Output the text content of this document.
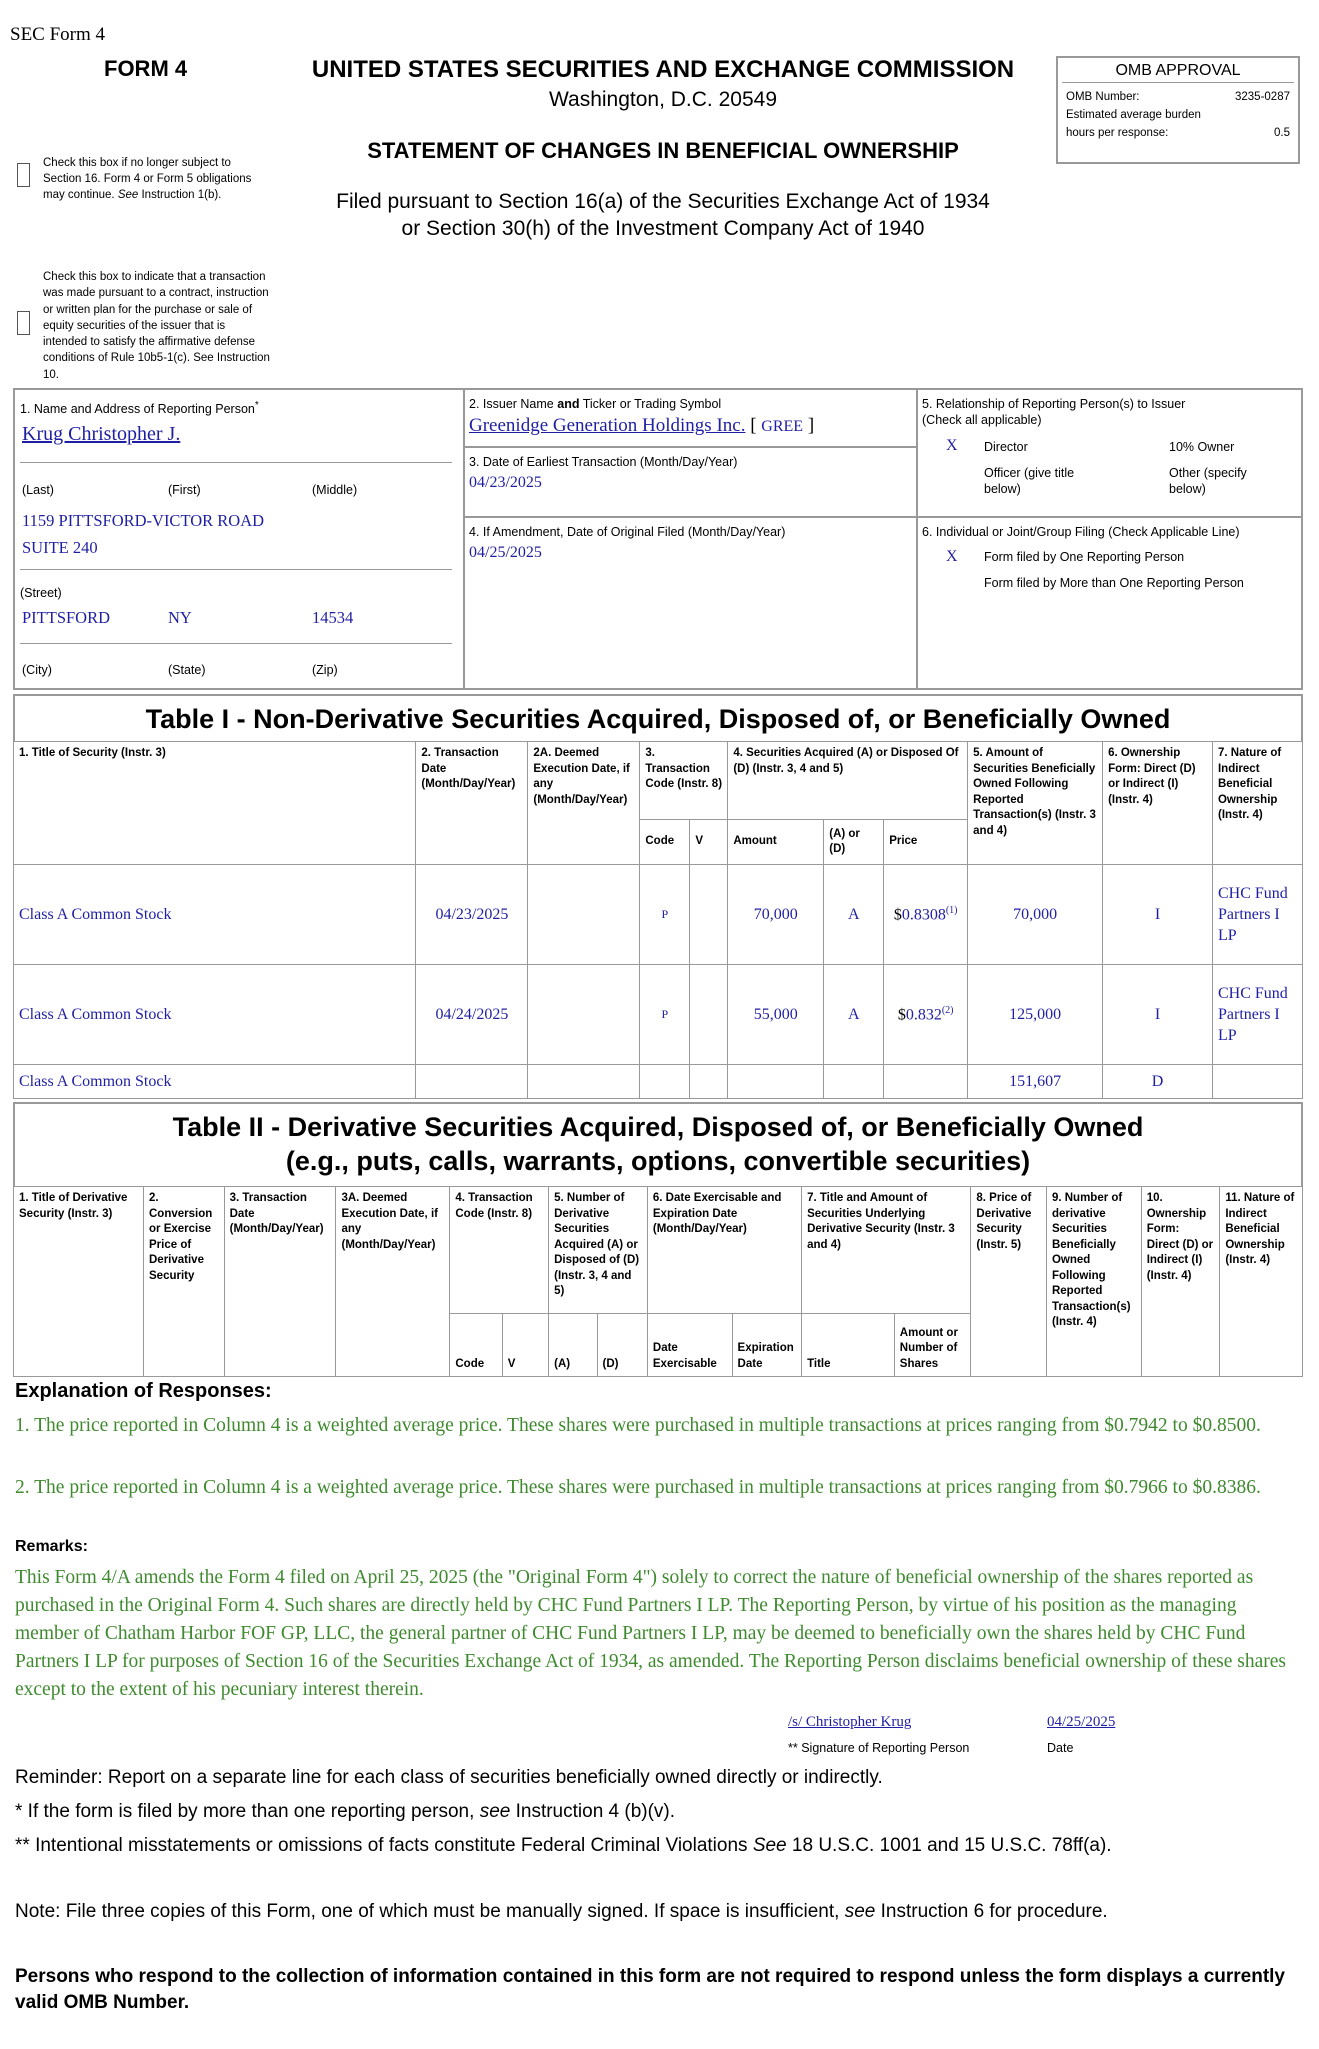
SEC Form 4
FORM 4	UNITED STATES SECURITIES AND EXCHANGE COMMISSION
Washington, D.C. 20549
STATEMENT OF CHANGES IN BENEFICIAL OWNERSHIP
Filed pursuant to Section 16(a) of the Securities Exchange Act of 1934
or Section 30(h) of the Investment Company Act of 1940
OMB APPROVAL
OMB Number:	3235-0287
Estimated average burden
hours per response:	0.5
Check this box if no longer subject to
Section 16. Form 4 or Form 5 obligations
may continue. See Instruction 1(b).
Check this box to indicate that a transaction
was made pursuant to a contract, instruction
or written plan for the purchase or sale of
equity securities of the issuer that is
intended to satisfy the affirmative defense
conditions of Rule 10b5-1(c). See Instruction
10.
1. Name and Address of Reporting Person*
Krug Christopher J.
(Last)	(First)	(Middle)
1159 PITTSFORD-VICTOR ROAD
SUITE 240
(Street)
PITTSFORD	NY	14534
(City)	(State)	(Zip)
2. Issuer Name and Ticker or Trading Symbol
Greenidge Generation Holdings Inc. [ GREE ]
3. Date of Earliest Transaction (Month/Day/Year)
04/23/2025
4. If Amendment, Date of Original Filed (Month/Day/Year)
04/25/2025
5. Relationship of Reporting Person(s) to Issuer
(Check all applicable)
X Director	10% Owner
Officer (give title
below)
Other (specify
below)
6. Individual or Joint/Group Filing (Check Applicable Line)
X Form filed by One Reporting Person
Form filed by More than One Reporting Person
Table I - Non-Derivative Securities Acquired, Disposed of, or Beneficially Owned
1. Title of Security (Instr. 3)	2. Transaction Date (Month/Day/Year)	2A. Deemed Execution Date, if any (Month/Day/Year)	3. Transaction Code (Instr. 8)		4. Securities Acquired (A) or Disposed Of (D) (Instr. 3, 4 and 5)			5. Amount of Securities Beneficially Owned Following Reported Transaction(s) (Instr. 3 and 4)	6. Ownership Form: Direct (D) or Indirect (I) (Instr. 4)	7. Nature of Indirect Beneficial Ownership (Instr. 4)
			Code	V	Amount	(A) or (D)	Price			
Class A Common Stock	04/23/2025		P		70,000	A	$0.8308$^{(1)}$	70,000	I	CHC Fund Partners I LP
Class A Common Stock	04/24/2025		P		55,000	A	$0.832$^{(2)}$	125,000	I	CHC Fund Partners I LP
Class A Common Stock								151,607	D	
Table II - Derivative Securities Acquired, Disposed of, or Beneficially Owned
(e.g., puts, calls, warrants, options, convertible securities)
1. Title of Derivative Security (Instr. 3)	2. Conversion or Exercise Price of Derivative Security	3. Transaction Date (Month/Day/Year)	3A. Deemed Execution Date, if any (Month/Day/Year)	4. Transaction Code (Instr. 8)		5. Number of Derivative Securities Acquired (A) or Disposed of (D) (Instr. 3, 4 and 5)		6. Date Exercisable and Expiration Date (Month/Day/Year)		7. Title and Amount of Securities Underlying Derivative Security (Instr. 3 and 4)		8. Price of Derivative Security (Instr. 5)	9. Number of derivative Securities Beneficially Owned Following Reported Transaction(s) (Instr. 4)	10. Ownership Form: Direct (D) or Indirect (I) (Instr. 4)	11. Nature of Indirect Beneficial Ownership (Instr. 4)
				Code	V	(A)	(D)	Date Exercisable	Expiration Date	Title	Amount or Number of Shares				
Explanation of Responses:
1. The price reported in Column 4 is a weighted average price. These shares were purchased in multiple transactions at prices ranging from $0.7942 to $0.8500.
2. The price reported in Column 4 is a weighted average price. These shares were purchased in multiple transactions at prices ranging from $0.7966 to $0.8386.
Remarks:
This Form 4/A amends the Form 4 filed on April 25, 2025 (the "Original Form 4") solely to correct the nature of beneficial ownership of the shares reported as purchased in the Original Form 4. Such shares are directly held by CHC Fund Partners I LP. The Reporting Person, by virtue of his position as the managing member of Chatham Harbor FOF GP, LLC, the general partner of CHC Fund Partners I LP, may be deemed to beneficially own the shares held by CHC Fund Partners I LP for purposes of Section 16 of the Securities Exchange Act of 1934, as amended. The Reporting Person disclaims beneficial ownership of these shares except to the extent of his pecuniary interest therein.
/s/ Christopher Krug
** Signature of Reporting Person
04/25/2025
Date
Reminder: Report on a separate line for each class of securities beneficially owned directly or indirectly.
* If the form is filed by more than one reporting person, see Instruction 4 (b)(v).
** Intentional misstatements or omissions of facts constitute Federal Criminal Violations See 18 U.S.C. 1001 and 15 U.S.C. 78ff(a).
Note: File three copies of this Form, one of which must be manually signed. If space is insufficient, see Instruction 6 for procedure.
Persons who respond to the collection of information contained in this form are not required to respond unless the form displays a currently valid OMB Number.
